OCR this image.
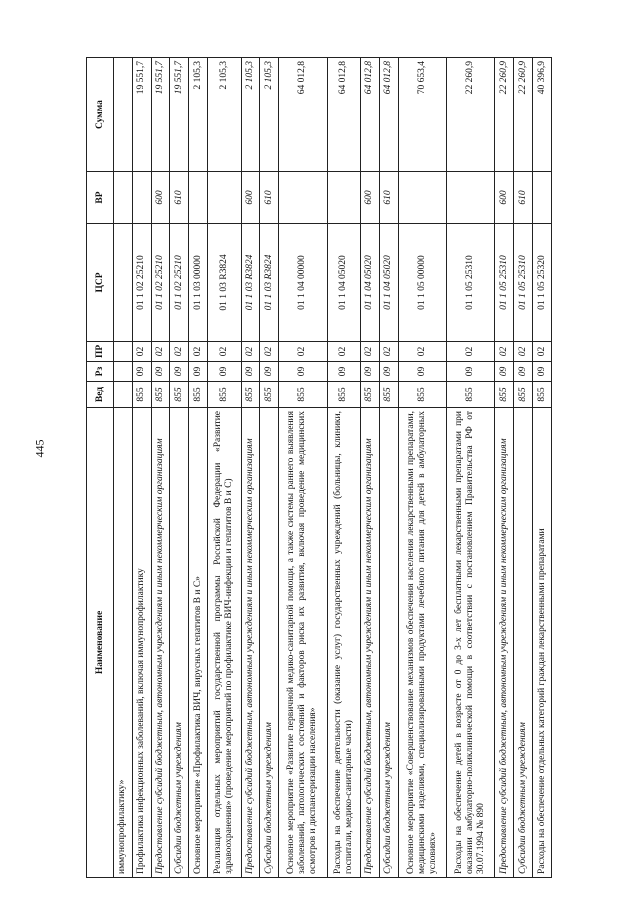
445
Наименование	Вед	Рз	ПР	ЦСР	ВР	Сумма
иммунопрофилактику»						
Профилактика инфекционных заболеваний, включая иммунопрофилактику	855	09	02	01 1 02 25210		19 551,7
Предоставление субсидий бюджетным, автономным учреждениям и иным некоммерческим организациям	855	09	02	01 1 02 25210	600	19 551,7
Субсидии бюджетным учреждениям	855	09	02	01 1 02 25210	610	19 551,7
Основное мероприятие «Профилактика ВИЧ, вирусных гепатитов В и С»	855	09	02	01 1 03 00000		2 105,3
Реализация отдельных мероприятий государственной программы Российской Федерации «Развитие здравоохранения» (проведение мероприятий по профилактике ВИЧ-инфекции и гепатитов В и С)	855	09	02	01 1 03 R3824		2 105,3
Предоставление субсидий бюджетным, автономным учреждениям и иным некоммерческим организациям	855	09	02	01 1 03 R3824	600	2 105,3
Субсидии бюджетным учреждениям	855	09	02	01 1 03 R3824	610	2 105,3
Основное мероприятие «Развитие первичной медико-санитарной помощи, а также системы раннего выявления заболеваний, патологических состояний и факторов риска их развития, включая проведение медицинских осмотров и диспансеризации населения»	855	09	02	01 1 04 00000		64 012,8
Расходы на обеспечение деятельности (оказание услуг) государственных учреждений (больницы, клиники, госпитали, медико-санитарные части)	855	09	02	01 1 04 05020		64 012,8
Предоставление субсидий бюджетным, автономным учреждениям и иным некоммерческим организациям	855	09	02	01 1 04 05020	600	64 012,8
Субсидии бюджетным учреждениям	855	09	02	01 1 04 05020	610	64 012,8
Основное мероприятие «Совершенствование механизмов обеспечения населения лекарственными препаратами, медицинскими изделиями, специализированными продуктами лечебного питания для детей в амбулаторных условиях»	855	09	02	01 1 05 00000		70 653,4
Расходы на обеспечение детей в возрасте от 0 до 3-х лет бесплатными лекарственными препаратами при оказании амбулаторно-поликлинической помощи в соответствии с постановлением Правительства РФ от 30.07.1994 № 890	855	09	02	01 1 05 25310		22 260,9
Предоставление субсидий бюджетным, автономным учреждениям и иным некоммерческим организациям	855	09	02	01 1 05 25310	600	22 260,9
Субсидии бюджетным учреждениям	855	09	02	01 1 05 25310	610	22 260,9
Расходы на обеспечение отдельных категорий граждан лекарственными препаратами	855	09	02	01 1 05 25320		40 396,9
